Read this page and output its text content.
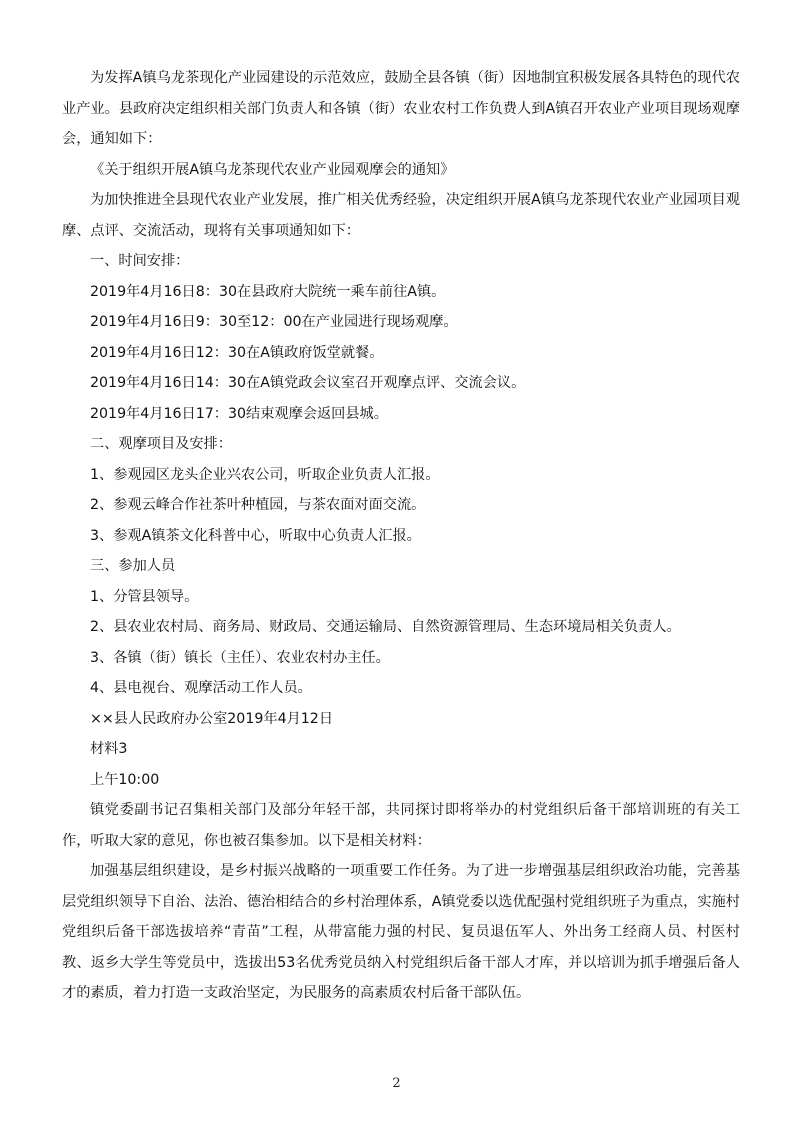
为发挥A镇乌龙茶现化产业园建设的示范效应，鼓励全县各镇（街）因地制宜积极发展各具特色的现代农业产业。县政府决定组织相关部门负责人和各镇（街）农业农村工作负费人到A镇召开农业产业项目现场观摩会，通知如下：

《关于组织开展A镇乌龙茶现代农业产业园观摩会的通知》

为加快推进全县现代农业产业发展，推广相关优秀经验，决定组织开展A镇乌龙茶现代农业产业园项目观摩、点评、交流活动，现将有关事项通知如下：

一、时间安排：

2019年4月16日8：30在县政府大院统一乘车前往A镇。

2019年4月16日9：30至12：00在产业园进行现场观摩。

2019年4月16日12：30在A镇政府饭堂就餐。

2019年4月16日14：30在A镇党政会议室召开观摩点评、交流会议。

2019年4月16日17：30结束观摩会返回县城。

二、观摩项目及安排：

1、参观园区龙头企业兴农公司，听取企业负责人汇报。

2、参观云峰合作社茶叶种植园，与茶农面对面交流。

3、参观A镇茶文化科普中心，听取中心负责人汇报。

三、参加人员

1、分管县领导。

2、县农业农村局、商务局、财政局、交通运输局、自然资源管理局、生态环境局相关负责人。

3、各镇（街）镇长（主任）、农业农村办主任。

4、县电视台、观摩活动工作人员。

××县人民政府办公室2019年4月12日

材料3

上午10:00

镇党委副书记召集相关部门及部分年轻干部，共同探讨即将举办的村党组织后备干部培训班的有关工作，听取大家的意见，你也被召集参加。以下是相关材料：

加强基层组织建设，是乡村振兴战略的一项重要工作任务。为了进一步增强基层组织政治功能，完善基层党组织领导下自治、法治、德治相结合的乡村治理体系，A镇党委以选优配强村党组织班子为重点，实施村党组织后备干部选拔培养“青苗”工程，从带富能力强的村民、复员退伍军人、外出务工经商人员、村医村教、返乡大学生等党员中，选拔出53名优秀党员纳入村党组织后备干部人才库，并以培训为抓手增强后备人才的素质，着力打造一支政治坚定，为民服务的高素质农村后备干部队伍。

2
